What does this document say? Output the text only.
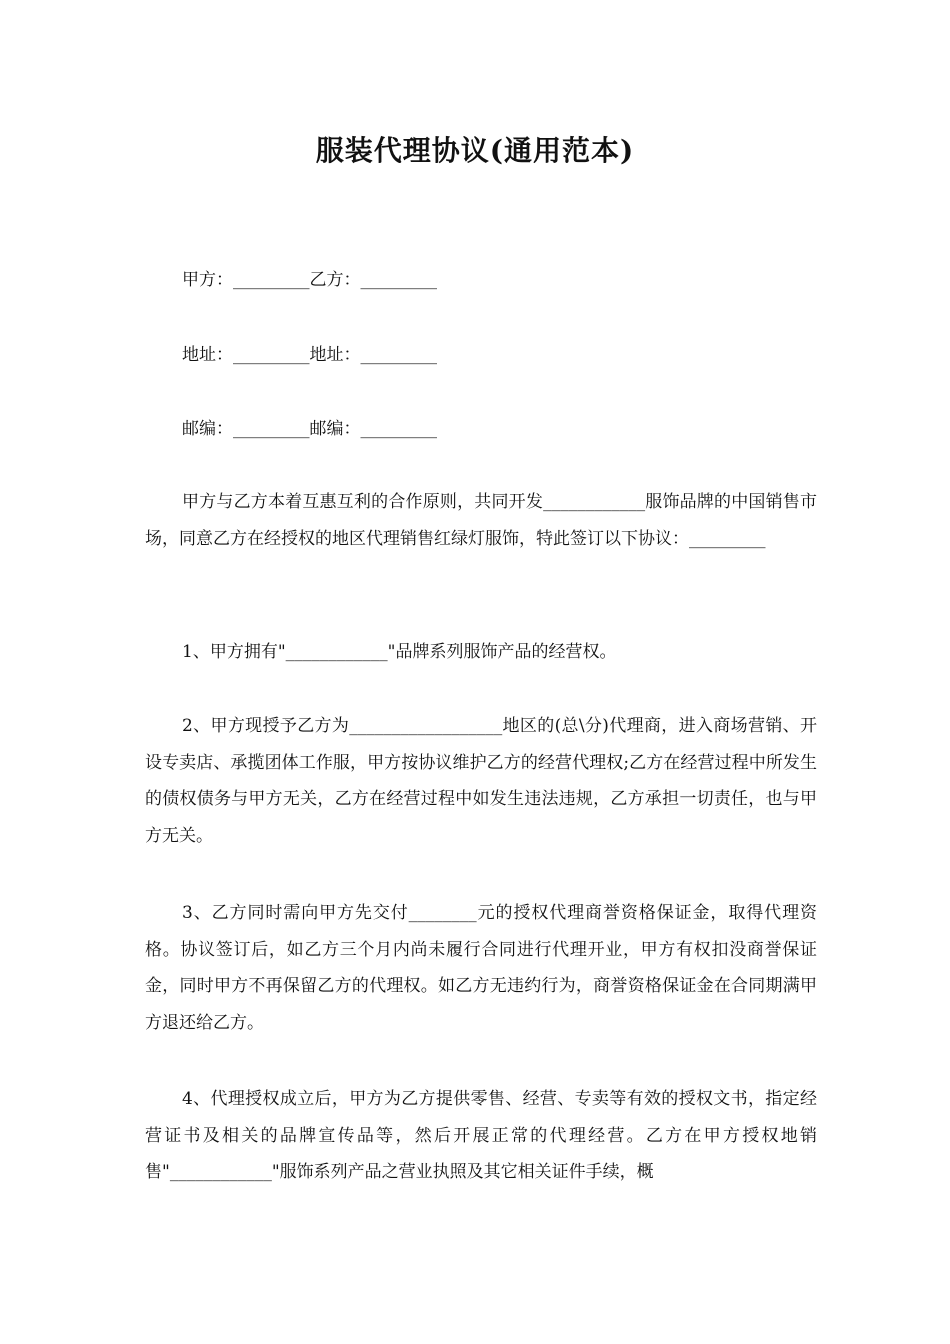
服装代理协议(通用范本)
甲方：_________乙方：_________
地址：_________地址：_________
邮编：_________邮编：_________

甲方与乙方本着互惠互利的合作原则，共同开发____________服饰品牌的中国销售市场，同意乙方在经授权的地区代理销售红绿灯服饰，特此签订以下协议：_________

1、甲方拥有"____________"品牌系列服饰产品的经营权。

2、甲方现授予乙方为__________________地区的(总\分)代理商，进入商场营销、开设专卖店、承揽团体工作服，甲方按协议维护乙方的经营代理权;乙方在经营过程中所发生的债权债务与甲方无关，乙方在经营过程中如发生违法违规，乙方承担一切责任，也与甲方无关。

3、乙方同时需向甲方先交付________元的授权代理商誉资格保证金，取得代理资格。协议签订后，如乙方三个月内尚未履行合同进行代理开业，甲方有权扣没商誉保证金，同时甲方不再保留乙方的代理权。如乙方无违约行为，商誉资格保证金在合同期满甲方退还给乙方。

4、代理授权成立后，甲方为乙方提供零售、经营、专卖等有效的授权文书，指定经营证书及相关的品牌宣传品等，然后开展正常的代理经营。乙方在甲方授权地销售"____________"服饰系列产品之营业执照及其它相关证件手续，概
